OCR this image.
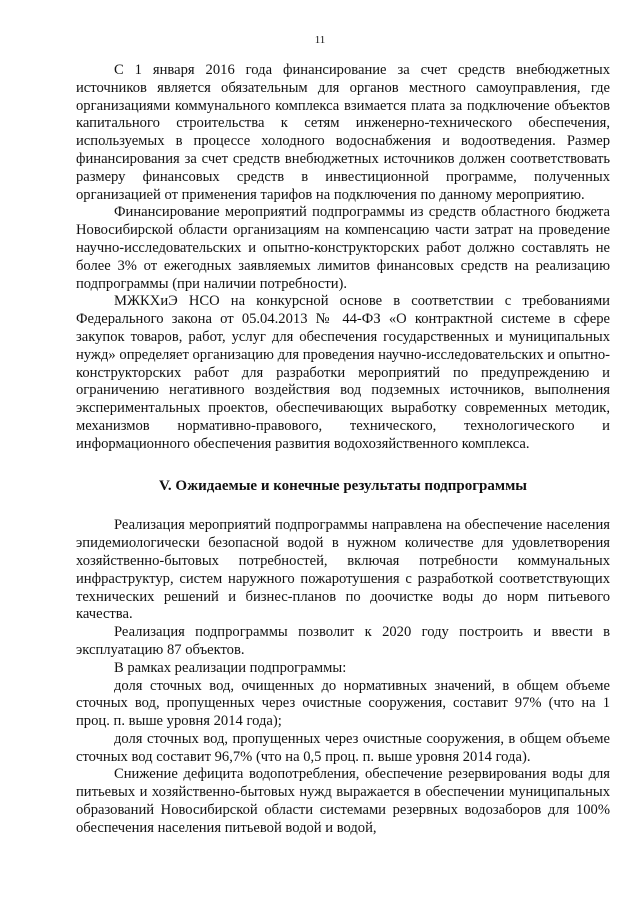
11

С 1 января 2016 года финансирование за счет средств внебюджетных источников является обязательным для органов местного самоуправления, где организациями коммунального комплекса взимается плата за подключение объектов капитального строительства к сетям инженерно-технического обеспечения, используемых в процессе холодного водоснабжения и водоотведения. Размер финансирования за счет средств внебюджетных источников должен соответствовать размеру финансовых средств в инвестиционной программе, полученных организацией от применения тарифов на подключения по данному мероприятию.

Финансирование мероприятий подпрограммы из средств областного бюджета Новосибирской области организациям на компенсацию части затрат на проведение научно-исследовательских и опытно-конструкторских работ должно составлять не более 3% от ежегодных заявляемых лимитов финансовых средств на реализацию подпрограммы (при наличии потребности).

МЖКХиЭ НСО на конкурсной основе в соответствии с требованиями Федерального закона от 05.04.2013 № 44-ФЗ «О контрактной системе в сфере закупок товаров, работ, услуг для обеспечения государственных и муниципальных нужд» определяет организацию для проведения научно-исследовательских и опытно-конструкторских работ для разработки мероприятий по предупреждению и ограничению негативного воздействия вод подземных источников, выполнения экспериментальных проектов, обеспечивающих выработку современных методик, механизмов нормативно-правового, технического, технологического и информационного обеспечения развития водохозяйственного комплекса.

V. Ожидаемые и конечные результаты подпрограммы

Реализация мероприятий подпрограммы направлена на обеспечение населения эпидемиологически безопасной водой в нужном количестве для удовлетворения хозяйственно-бытовых потребностей, включая потребности коммунальных инфраструктур, систем наружного пожаротушения с разработкой соответствующих технических решений и бизнес-планов по доочистке воды до норм питьевого качества.

Реализация подпрограммы позволит к 2020 году построить и ввести в эксплуатацию 87 объектов.

В рамках реализации подпрограммы:

доля сточных вод, очищенных до нормативных значений, в общем объеме сточных вод, пропущенных через очистные сооружения, составит 97% (что на 1 проц. п. выше уровня 2014 года);

доля сточных вод, пропущенных через очистные сооружения, в общем объеме сточных вод составит 96,7% (что на 0,5 проц. п. выше уровня 2014 года).

Снижение дефицита водопотребления, обеспечение резервирования воды для питьевых и хозяйственно-бытовых нужд выражается в обеспечении муниципальных образований Новосибирской области системами резервных водозаборов для 100% обеспечения населения питьевой водой и водой,
